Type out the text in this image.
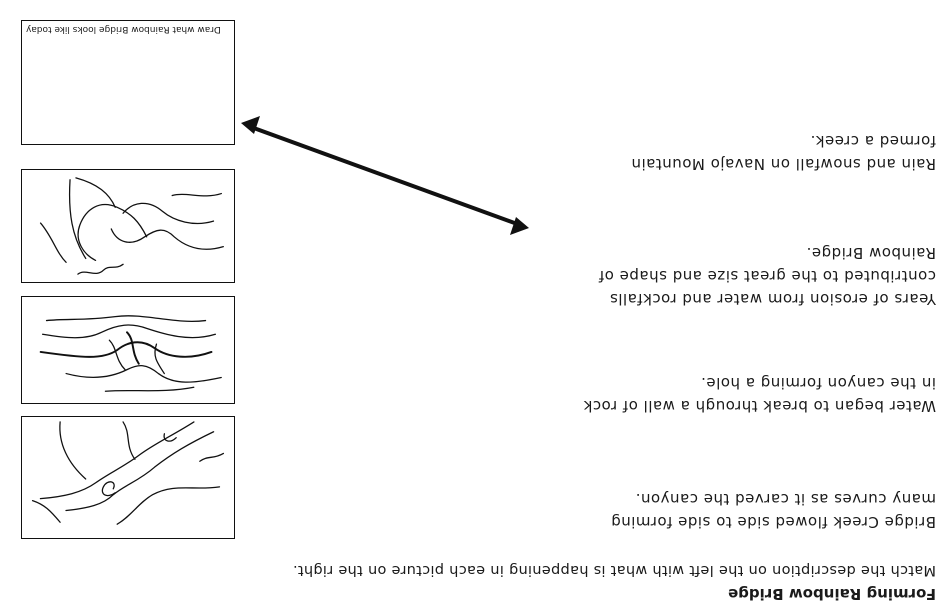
Forming Rainbow Bridge
Match the description on the left with what is happening in each picture on the right.
Bridge Creek flowed side to side forming
many curves as it carved the canyon.
Water began to break through a wall of rock
in the canyon forming a hole.
Years of erosion from water and rockfalls
contributed to the great size and shape of
Rainbow Bridge.
Rain and snowfall on Navajo Mountain
formed a creek.
Draw what Rainbow Bridge looks like today
